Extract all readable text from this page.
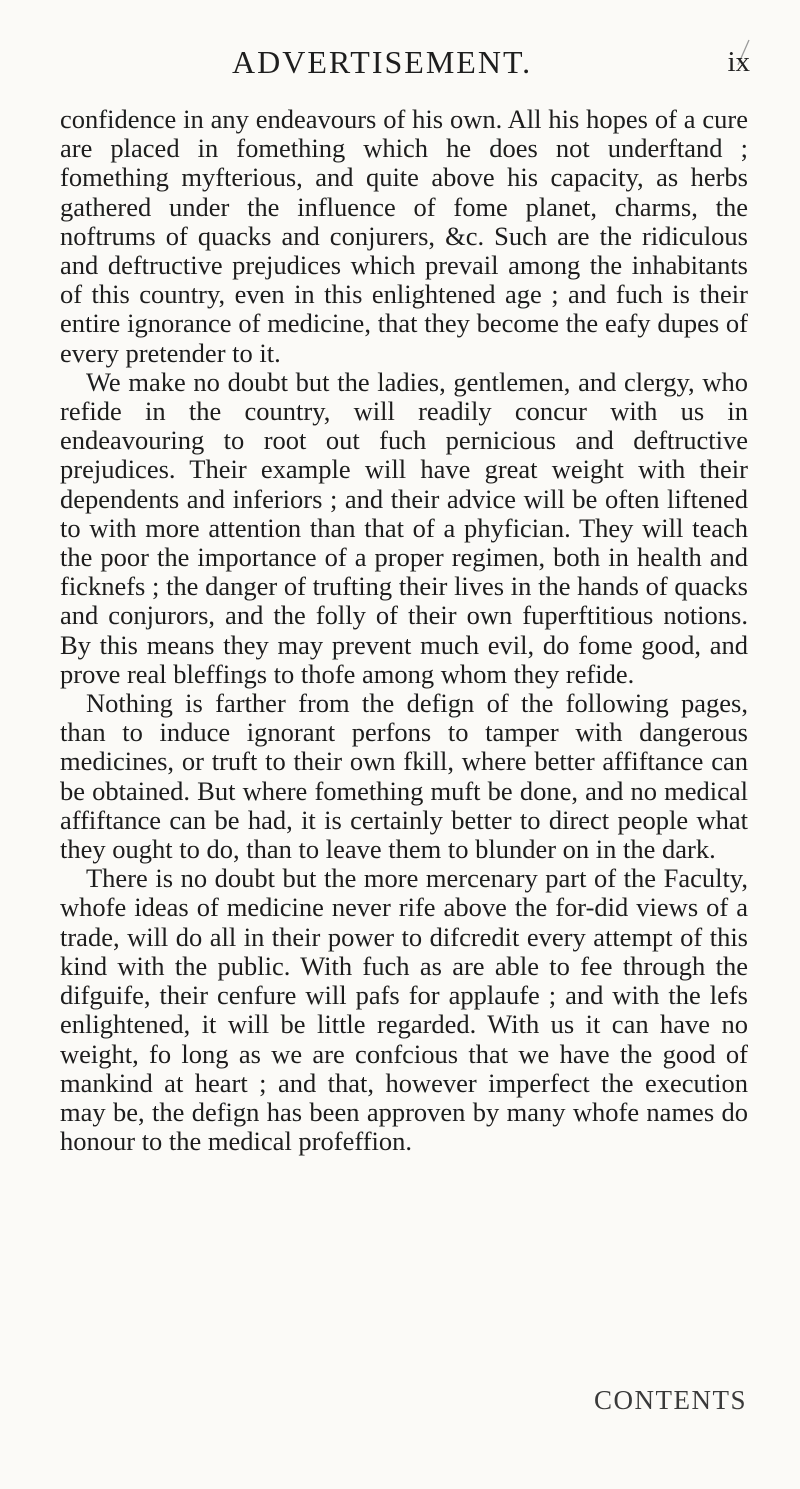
ADVERTISEMENT.	ix

confidence in any endeavours of his own. All his hopes of a cure are placed in fomething which he does not underftand ; fomething myfterious, and quite above his capacity, as herbs gathered under the influence of fome planet, charms, the noftrums of quacks and conjurers, &c. Such are the ridiculous and deftructive prejudices which prevail among the inhabitants of this country, even in this enlightened age ; and fuch is their entire ignorance of medicine, that they become the eafy dupes of every pretender to it.

We make no doubt but the ladies, gentlemen, and clergy, who refide in the country, will readily concur with us in endeavouring to root out fuch pernicious and deftructive prejudices. Their example will have great weight with their dependents and inferiors ; and their advice will be often liftened to with more attention than that of a phyfician. They will teach the poor the importance of a proper regimen, both in health and ficknefs ; the danger of trufting their lives in the hands of quacks and conjurors, and the folly of their own fuperftitious notions. By this means they may prevent much evil, do fome good, and prove real bleffings to thofe among whom they refide.

Nothing is farther from the defign of the following pages, than to induce ignorant perfons to tamper with dangerous medicines, or truft to their own fkill, where better affiftance can be obtained. But where fomething muft be done, and no medical affiftance can be had, it is certainly better to direct people what they ought to do, than to leave them to blunder on in the dark.

There is no doubt but the more mercenary part of the Faculty, whofe ideas of medicine never rife above the for-did views of a trade, will do all in their power to difcredit every attempt of this kind with the public. With fuch as are able to fee through the difguife, their cenfure will pafs for applaufe ; and with the lefs enlightened, it will be little regarded. With us it can have no weight, fo long as we are confcious that we have the good of mankind at heart ; and that, however imperfect the execution may be, the defign has been approven by many whofe names do honour to the medical profeffion.

CONTENTS
